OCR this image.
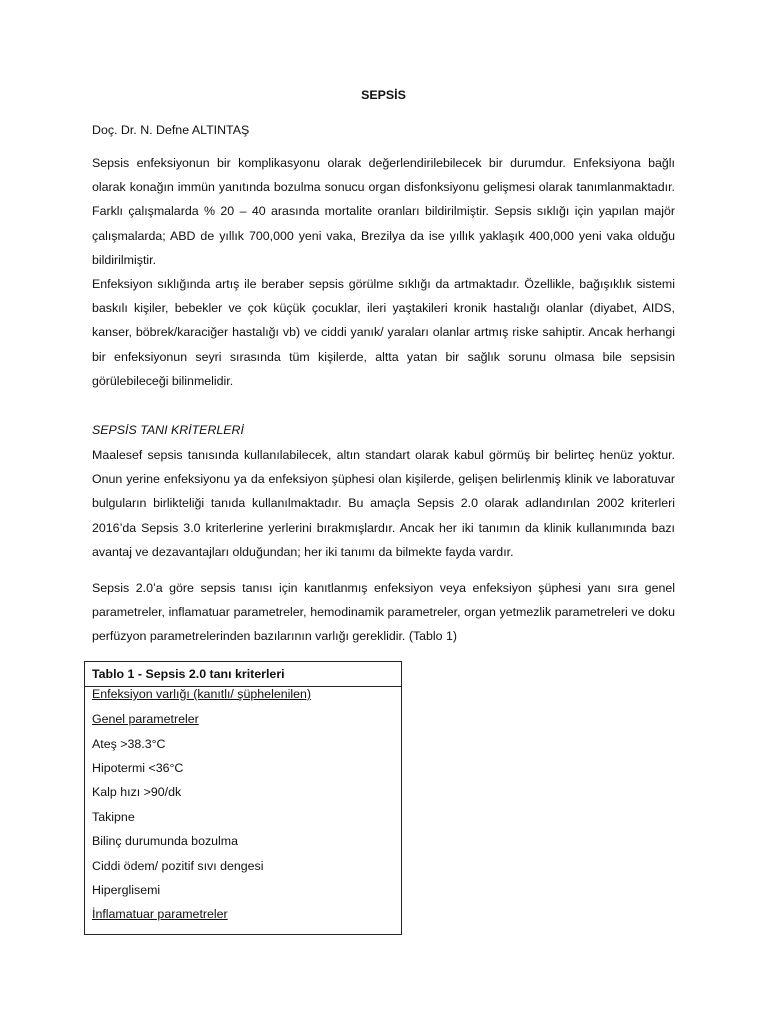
SEPSİS
Doç. Dr. N. Defne ALTINTAŞ
Sepsis enfeksiyonun bir komplikasyonu olarak değerlendirilebilecek bir durumdur. Enfeksiyona bağlı olarak konağın immün yanıtında bozulma sonucu organ disfonksiyonu gelişmesi olarak tanımlanmaktadır. Farklı çalışmalarda % 20 – 40 arasında mortalite oranları bildirilmiştir. Sepsis sıklığı için yapılan majör çalışmalarda; ABD de yıllık 700,000 yeni vaka, Brezilya da ise yıllık yaklaşık 400,000 yeni vaka olduğu bildirilmiştir.
Enfeksiyon sıklığında artış ile beraber sepsis görülme sıklığı da artmaktadır. Özellikle, bağışıklık sistemi baskılı kişiler, bebekler ve çok küçük çocuklar, ileri yaştakileri kronik hastalığı olanlar (diyabet, AIDS, kanser, böbrek/karaciğer hastalığı vb) ve ciddi yanık/ yaraları olanlar artmış riske sahiptir. Ancak herhangi bir enfeksiyonun seyri sırasında tüm kişilerde, altta yatan bir sağlık sorunu olmasa bile sepsisin görülebileceği bilinmelidir.
SEPSİS TANI KRİTERLERİ
Maalesef sepsis tanısında kullanılabilecek, altın standart olarak kabul görmüş bir belirteç henüz yoktur. Onun yerine enfeksiyonu ya da enfeksiyon şüphesi olan kişilerde, gelişen belirlenmiş klinik ve laboratuvar bulguların birlikteliği tanıda kullanılmaktadır. Bu amaçla Sepsis 2.0 olarak adlandırılan 2002 kriterleri 2016’da Sepsis 3.0 kriterlerine yerlerini bırakmışlardır. Ancak her iki tanımın da klinik kullanımında bazı avantaj ve dezavantajları olduğundan; her iki tanımı da bilmekte fayda vardır.
Sepsis 2.0’a göre sepsis tanısı için kanıtlanmış enfeksiyon veya enfeksiyon şüphesi yanı sıra genel parametreler, inflamatuar parametreler, hemodinamik parametreler, organ yetmezlik parametreleri ve doku perfüzyon parametrelerinden bazılarının varlığı gereklidir. (Tablo 1)
Tablo 1 - Sepsis 2.0 tanı kriterleri
Enfeksiyon varlığı (kanıtlı/ şüphelenilen)
Genel parametreler
Ateş >38.3°C
Hipotermi <36°C
Kalp hızı >90/dk
Takipne
Bilinç durumunda bozulma
Ciddi ödem/ pozitif sıvı dengesi
Hiperglisemi
İnflamatuar parametreler
